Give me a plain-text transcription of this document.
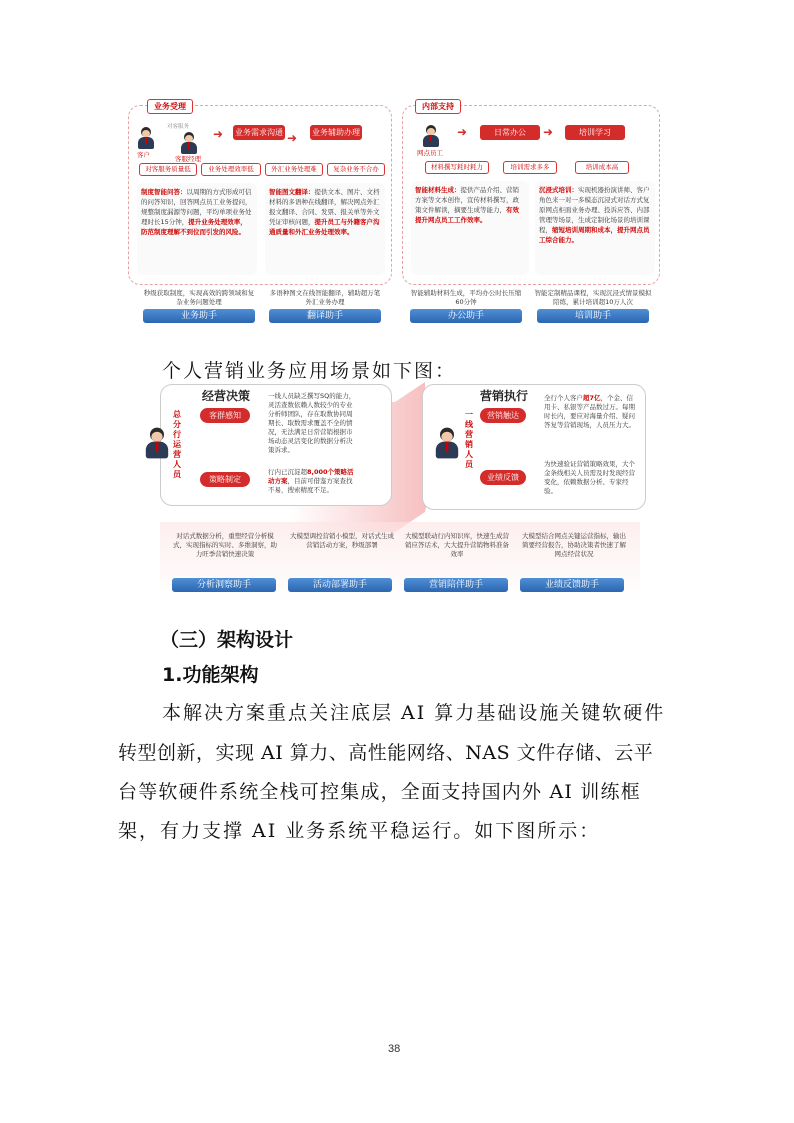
业务受理
客户
对客服务
客服经理
业务需求沟通 ➜ 业务辅助办理
➜
对客服务质量低	业务处理效率低	外汇业务处理难	复杂业务不合办
制度智能问答：以周期的方式形成可信的问答知识，回答网点员工业务提问，规整制度漏源等问题，平均单项业务处理时长15分钟，提升业务处理效率，防范制度理解不到位而引发的风险。
智能图文翻译：提供文本、图片、文档材料的多语种在线翻译，解决网点外汇报文翻译、合同、发票、报关单等外文凭证审核问题，提升员工与外籍客户沟通质量和外汇业务处理效率。
内部支持
网点员工
➜	日常办公	➜	培训学习
材料撰写耗时耗力	培训需求多多	培训成本高
智能材料生成：提供产品介绍、营销方案等文本创作，宣传材料撰写，政策文件解读，摘要生成等能力，有效提升网点员工工作效率。
沉浸式培训：实现机器扮演讲师、客户角色来一对一多模态沉浸式对话方式复原网点柜面业务办理、投诉应答、内部管理等场景，生成定制化场景的培训课程，缩短培训周期和成本，提升网点员工综合能力。
秒级获取制度，实现高效的跨领域和复杂业务问题处理
多语种图文在线智能翻译，辅助超万笔外汇业务办理
智能辅助材料生成，平均办公时长压缩60分钟
智能定制精品课程，实现沉浸式情景模拟陪练，累计培训超10万人次
业务助手	翻译助手	办公助手	培训助手
个人营销业务应用场景如下图：
经营决策
总分行运营人员
客群感知
策略制定
一线人员缺乏撰写SQ的能力，灵活查数依赖人数较少的专业分析师团队，存在取数协同周期长、取数需求覆盖不全的情况，无法满足日常营销根据市场动态灵活变化的数据分析决策诉求。
行内已沉淀超8,000个策略活动方案，目前可借鉴方案查找不易，搜索精度不足。
营销执行
一线营销人员
营销触达
业绩反馈
全行个人客户超7亿，个金、信用卡、私银等产品数过万。每期时长内，要应对海量介绍、疑问答复等营销现场，人员压力大。
为快速验证营销策略效果，大个金条线相关人员需及时发现经营变化，依赖数据分析、专家经验。
对话式数据分析，重塑经营分析模式，实现指标的实时、多维洞察，助力旺季营销快速决策
大模型调控营销小模型，对话式生成营销活动方案，秒级部署
大模型联动行内知识库，快速生成营销应答话术，大大提升营销物料准备效率
大模型结合网点关键运营指标，输出简要经营报告，协助决策者快速了解网点经营状况
分析洞察助手	活动部署助手	营销陪伴助手	业绩反馈助手
（三）架构设计
1.功能架构
本解决方案重点关注底层 AI 算力基础设施关键软硬件
转型创新，实现 AI 算力、高性能网络、NAS 文件存储、云平
台等软硬件系统全栈可控集成，全面支持国内外 AI 训练框
架，有力支撑 AI 业务系统平稳运行。如下图所示：
38
